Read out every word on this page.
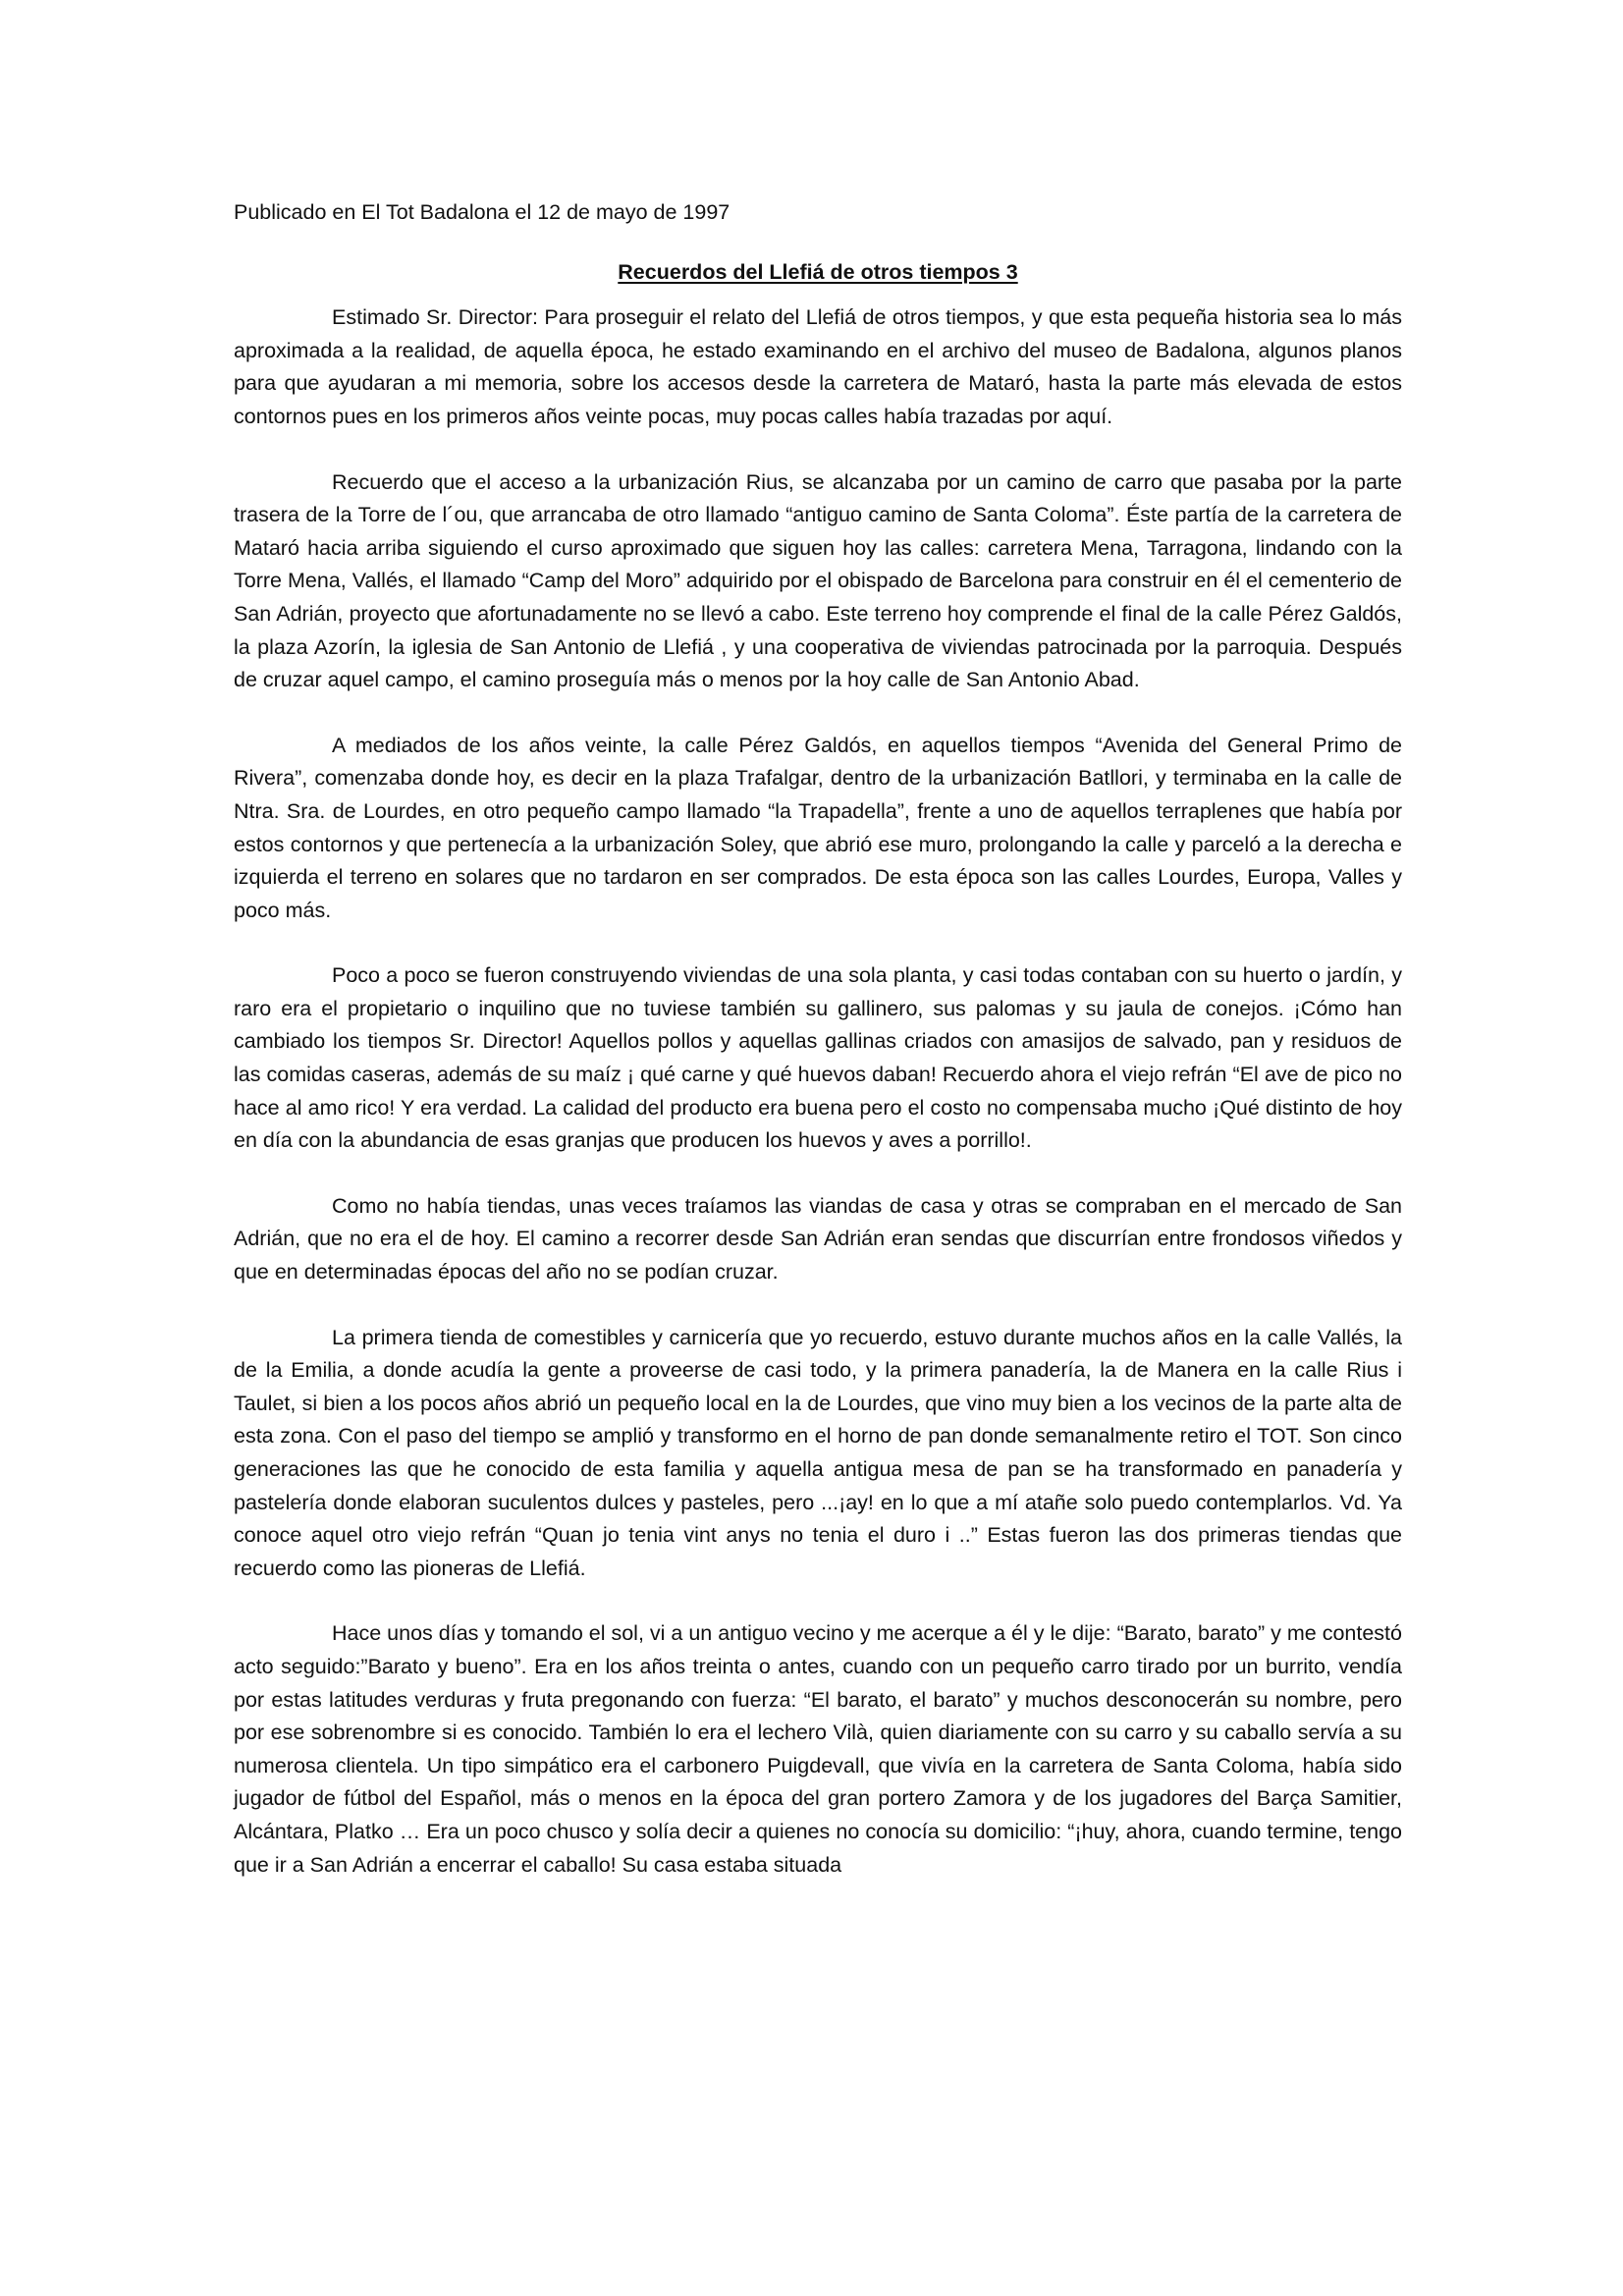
Publicado en El Tot Badalona el 12 de mayo de 1997

Recuerdos del Llefiá de otros tiempos 3

Estimado Sr. Director: Para proseguir el relato del Llefiá de otros tiempos, y que esta pequeña historia sea lo más aproximada a la realidad, de aquella época, he estado examinando en el archivo del museo de Badalona, algunos planos para que ayudaran a mi memoria, sobre los accesos desde la carretera de Mataró, hasta la parte más elevada de estos contornos pues en los primeros años veinte pocas, muy pocas calles había trazadas por aquí.

Recuerdo que el acceso a la urbanización Rius, se alcanzaba por un camino de carro que pasaba por la parte trasera de la Torre de l´ou, que arrancaba de otro llamado “antiguo camino de Santa Coloma”. Éste partía de la carretera de Mataró hacia arriba siguiendo el curso aproximado que siguen hoy las calles: carretera Mena, Tarragona, lindando con la Torre Mena, Vallés, el llamado “Camp del Moro” adquirido por el obispado de Barcelona para construir en él el cementerio de San Adrián, proyecto que afortunadamente no se llevó a cabo. Este terreno hoy comprende el final de la calle Pérez Galdós, la plaza Azorín, la iglesia de San Antonio de Llefiá , y una cooperativa de viviendas patrocinada por la parroquia. Después de cruzar aquel campo, el camino proseguía más o menos por la hoy calle de San Antonio Abad.

A mediados de los años veinte, la calle Pérez Galdós, en aquellos tiempos “Avenida del General Primo de Rivera”, comenzaba donde hoy, es decir en la plaza Trafalgar, dentro de la urbanización Batllori, y terminaba en la calle de Ntra. Sra. de Lourdes, en otro pequeño campo llamado “la Trapadella”, frente a uno de aquellos terraplenes que había por estos contornos y que pertenecía a la urbanización Soley, que abrió ese muro, prolongando la calle y parceló a la derecha e izquierda el terreno en solares que no tardaron en ser comprados. De esta época son las calles Lourdes, Europa, Valles y poco más.

Poco a poco se fueron construyendo viviendas de una sola planta, y casi todas contaban con su huerto o jardín, y raro era el propietario o inquilino que no tuviese también su gallinero, sus palomas y su jaula de conejos. ¡Cómo han cambiado los tiempos Sr. Director! Aquellos pollos y aquellas gallinas criados con amasijos de salvado, pan y residuos de las comidas caseras, además de su maíz ¡ qué carne y qué huevos daban! Recuerdo ahora el viejo refrán “El ave de pico no hace al amo rico! Y era verdad. La calidad del producto era buena pero el costo no compensaba mucho ¡Qué distinto de hoy en día con la abundancia de esas granjas que producen los huevos y aves a porrillo!.

Como no había tiendas, unas veces traíamos las viandas de casa y otras se compraban en el mercado de San Adrián, que no era el de hoy. El camino a recorrer desde San Adrián eran sendas que discurrían entre frondosos viñedos y que en determinadas épocas del año no se podían cruzar.

La primera tienda de comestibles y carnicería que yo recuerdo, estuvo durante muchos años en la calle Vallés, la de la Emilia, a donde acudía la gente a proveerse de casi todo, y la primera panadería, la de Manera en la calle Rius i Taulet, si bien a los pocos años abrió un pequeño local en la de Lourdes, que vino muy bien a los vecinos de la parte alta de esta zona. Con el paso del tiempo se amplió y transformo en el horno de pan donde semanalmente retiro el TOT. Son cinco generaciones las que he conocido de esta familia y aquella antigua mesa de pan se ha transformado en panadería y pastelería donde elaboran suculentos dulces y pasteles, pero ...¡ay! en lo que a mí atañe solo puedo contemplarlos. Vd. Ya conoce aquel otro viejo refrán “Quan jo tenia vint anys no tenia el duro i ..” Estas fueron las dos primeras tiendas que recuerdo como las pioneras de Llefiá.

Hace unos días y tomando el sol, vi a un antiguo vecino y me acerque a él y le dije: “Barato, barato” y me contestó acto seguido:”Barato y bueno”. Era en los años treinta o antes, cuando con un pequeño carro tirado por un burrito, vendía por estas latitudes verduras y fruta pregonando con fuerza: “El barato, el barato” y muchos desconocerán su nombre, pero por ese sobrenombre si es conocido. También lo era el lechero Vilà, quien diariamente con su carro y su caballo servía a su numerosa clientela. Un tipo simpático era el carbonero Puigdevall, que vivía en la carretera de Santa Coloma, había sido jugador de fútbol del Español, más o menos en la época del gran portero Zamora y de los jugadores del Barça Samitier, Alcántara, Platko … Era un poco chusco y solía decir a quienes no conocía su domicilio: “¡huy, ahora, cuando termine, tengo que ir a San Adrián a encerrar el caballo! Su casa estaba situada
